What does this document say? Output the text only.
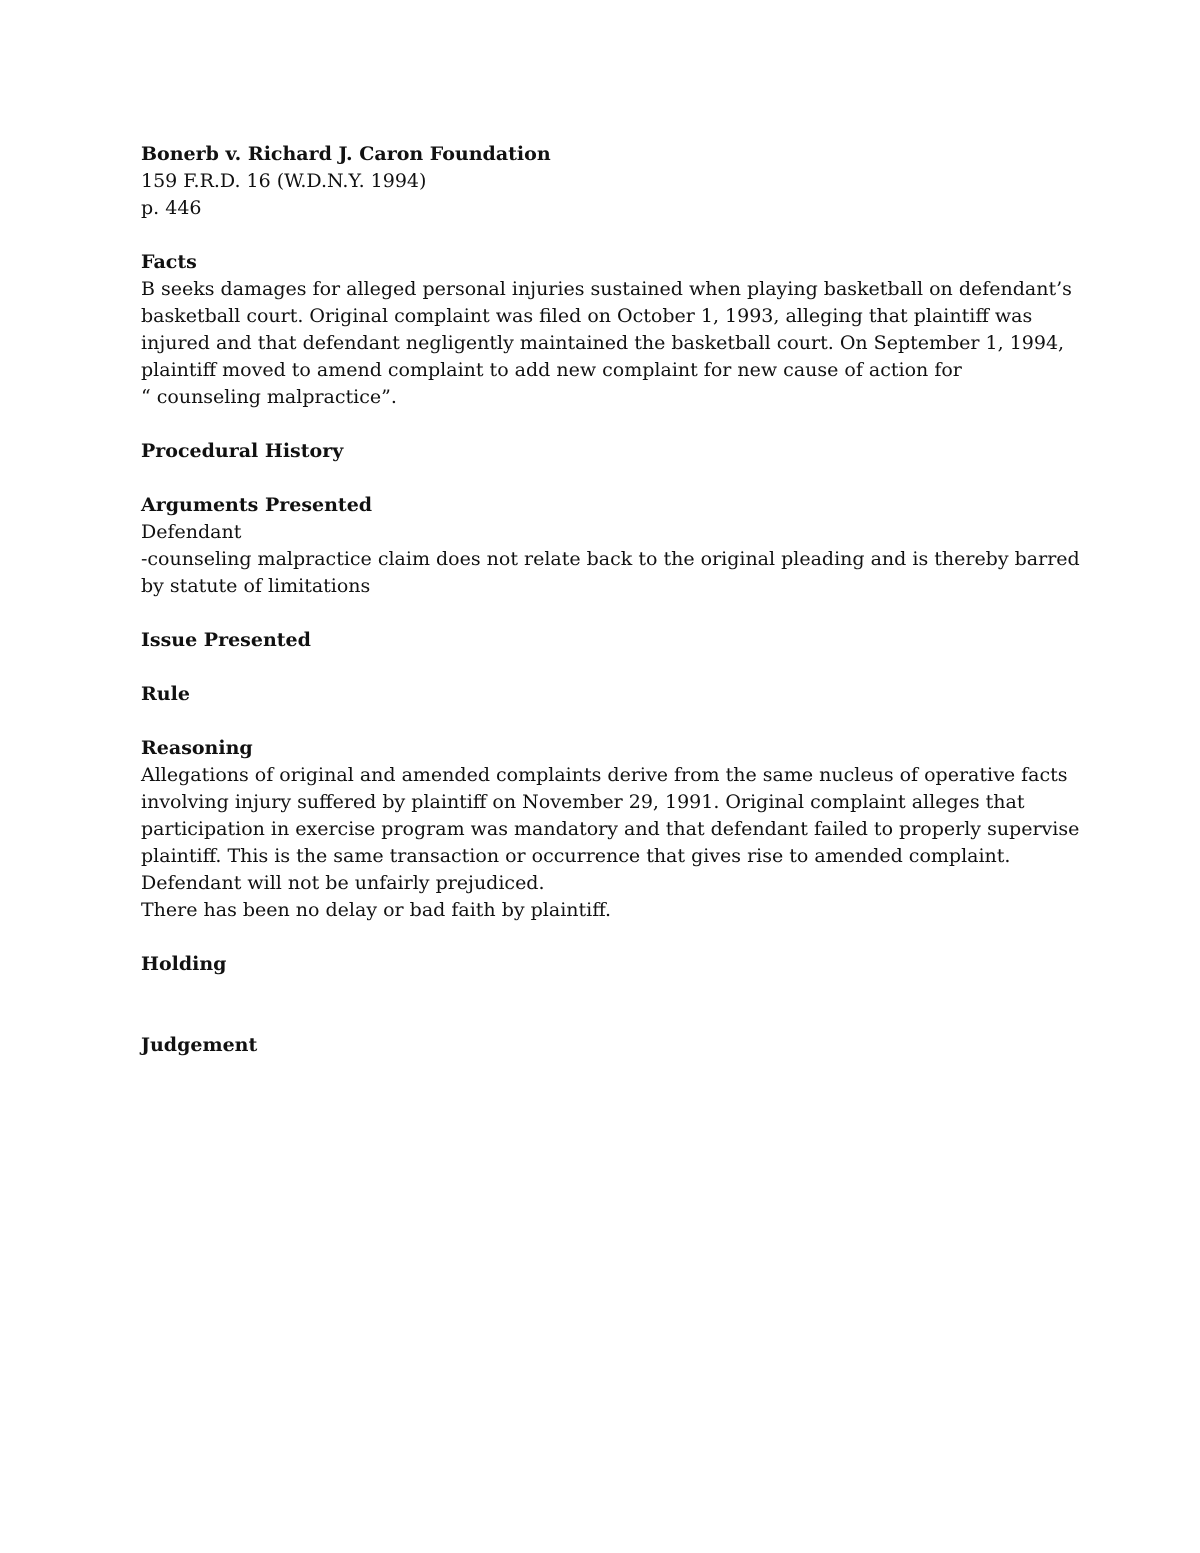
Bonerb v. Richard J. Caron Foundation
159 F.R.D. 16 (W.D.N.Y. 1994)
p. 446
Facts
B seeks damages for alleged personal injuries sustained when playing basketball on defendant’s
basketball court. Original complaint was filed on October 1, 1993, alleging that plaintiff was
injured and that defendant negligently maintained the basketball court. On September 1, 1994,
plaintiff moved to amend complaint to add new complaint for new cause of action for
“ counseling malpractice”.
Procedural History
Arguments Presented
Defendant
-counseling malpractice claim does not relate back to the original pleading and is thereby barred
by statute of limitations
Issue Presented
Rule
Reasoning
Allegations of original and amended complaints derive from the same nucleus of operative facts
involving injury suffered by plaintiff on November 29, 1991. Original complaint alleges that
participation in exercise program was mandatory and that defendant failed to properly supervise
plaintiff. This is the same transaction or occurrence that gives rise to amended complaint.
Defendant will not be unfairly prejudiced.
There has been no delay or bad faith by plaintiff.
Holding
Judgement
